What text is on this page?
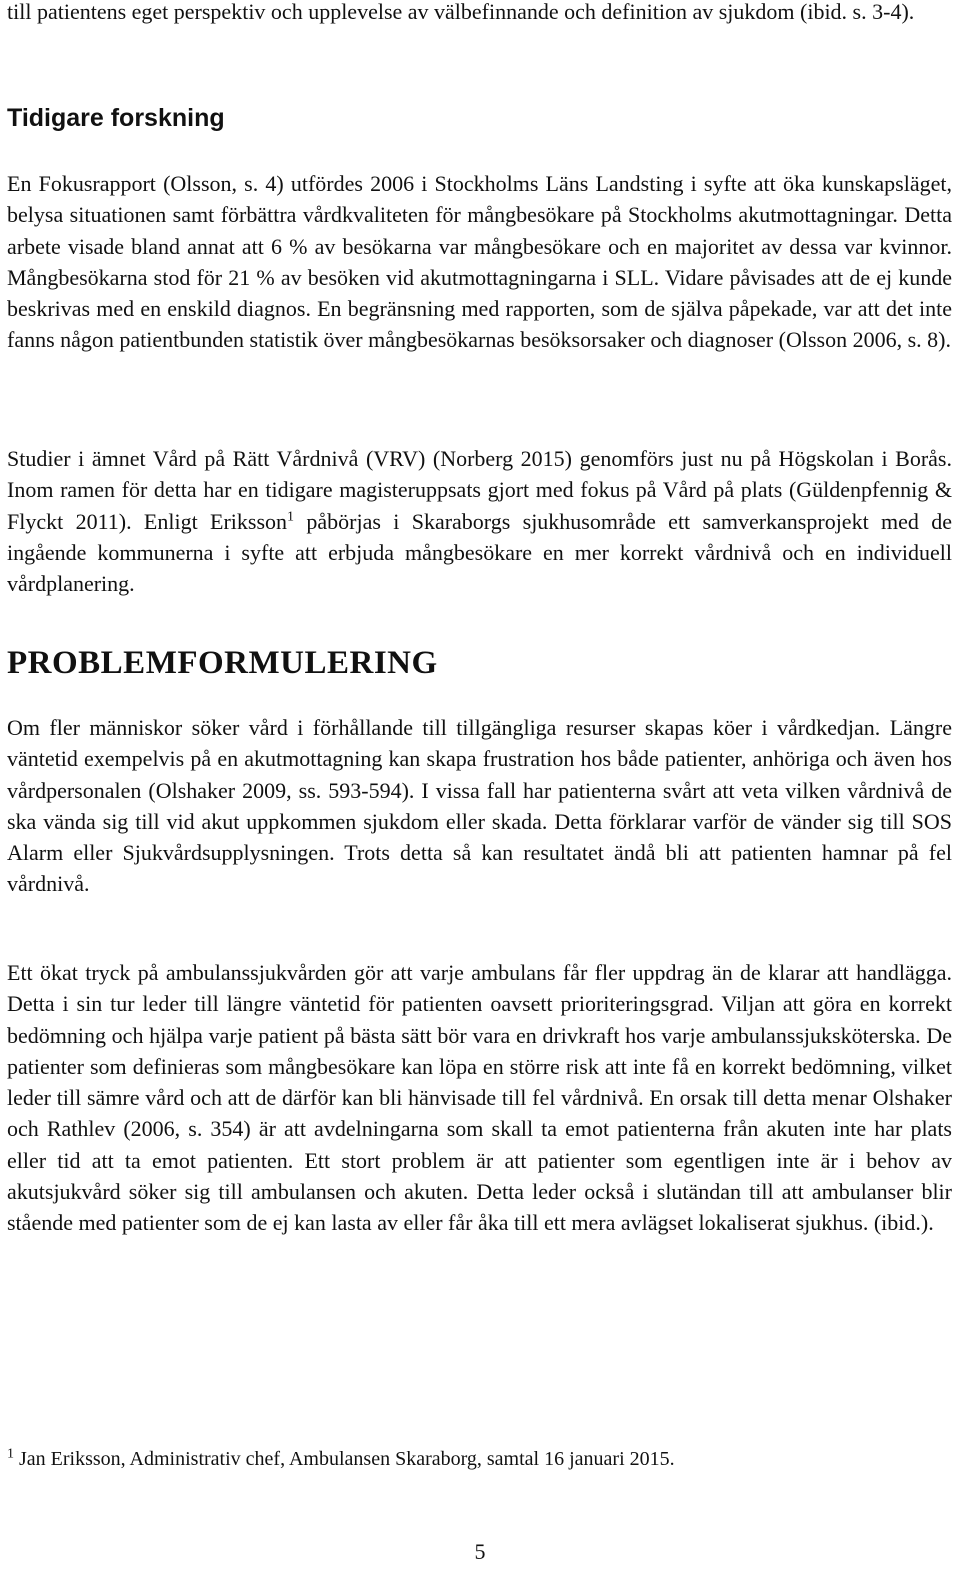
till patientens eget perspektiv och upplevelse av välbefinnande och definition av sjukdom (ibid. s. 3-4).

Tidigare forskning

En Fokusrapport (Olsson, s. 4) utfördes 2006 i Stockholms Läns Landsting i syfte att öka kunskapsläget, belysa situationen samt förbättra vårdkvaliteten för mångbesökare på Stockholms akutmottagningar. Detta arbete visade bland annat att 6 % av besökarna var mångbesökare och en majoritet av dessa var kvinnor. Mångbesökarna stod för 21 % av besöken vid akutmottagningarna i SLL. Vidare påvisades att de ej kunde beskrivas med en enskild diagnos. En begränsning med rapporten, som de själva påpekade, var att det inte fanns någon patientbunden statistik över mångbesökarnas besöksorsaker och diagnoser (Olsson 2006, s. 8).

Studier i ämnet Vård på Rätt Vårdnivå (VRV) (Norberg 2015) genomförs just nu på Högskolan i Borås. Inom ramen för detta har en tidigare magisteruppsats gjort med fokus på Vård på plats (Güldenpfennig & Flyckt 2011). Enligt Eriksson$^1$ påbörjas i Skaraborgs sjukhusområde ett samverkansprojekt med de ingående kommunerna i syfte att erbjuda mångbesökare en mer korrekt vårdnivå och en individuell vårdplanering.

PROBLEMFORMULERING

Om fler människor söker vård i förhållande till tillgängliga resurser skapas köer i vårdkedjan. Längre väntetid exempelvis på en akutmottagning kan skapa frustration hos både patienter, anhöriga och även hos vårdpersonalen (Olshaker 2009, ss. 593-594). I vissa fall har patienterna svårt att veta vilken vårdnivå de ska vända sig till vid akut uppkommen sjukdom eller skada. Detta förklarar varför de vänder sig till SOS Alarm eller Sjukvårdsupplysningen. Trots detta så kan resultatet ändå bli att patienten hamnar på fel vårdnivå.

Ett ökat tryck på ambulanssjukvården gör att varje ambulans får fler uppdrag än de klarar att handlägga. Detta i sin tur leder till längre väntetid för patienten oavsett prioriteringsgrad. Viljan att göra en korrekt bedömning och hjälpa varje patient på bästa sätt bör vara en drivkraft hos varje ambulanssjuksköterska. De patienter som definieras som mångbesökare kan löpa en större risk att inte få en korrekt bedömning, vilket leder till sämre vård och att de därför kan bli hänvisade till fel vårdnivå. En orsak till detta menar Olshaker och Rathlev (2006, s. 354) är att avdelningarna som skall ta emot patienterna från akuten inte har plats eller tid att ta emot patienten. Ett stort problem är att patienter som egentligen inte är i behov av akutsjukvård söker sig till ambulansen och akuten. Detta leder också i slutändan till att ambulanser blir stående med patienter som de ej kan lasta av eller får åka till ett mera avlägset lokaliserat sjukhus. (ibid.).

$^1$ Jan Eriksson, Administrativ chef, Ambulansen Skaraborg, samtal 16 januari 2015.

5
